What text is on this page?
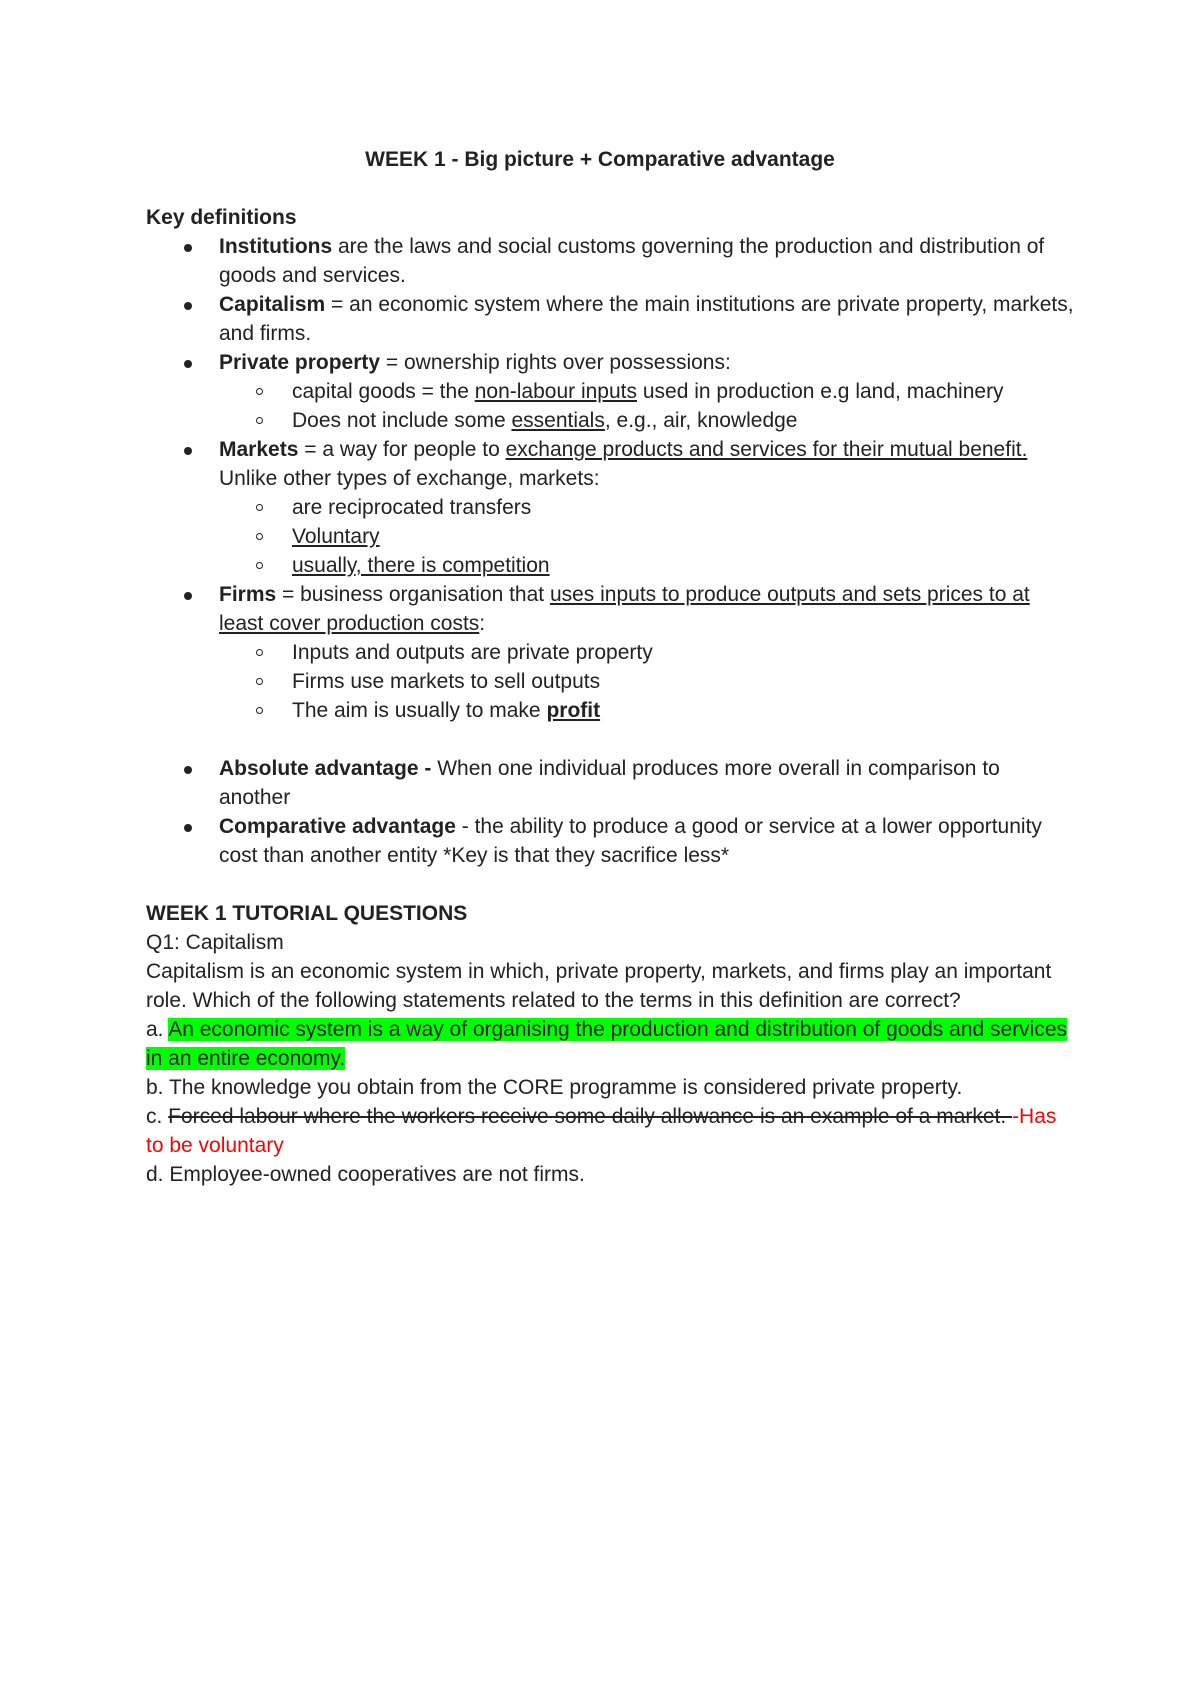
WEEK 1 - Big picture + Comparative advantage

Key definitions

Institutions are the laws and social customs governing the production and distribution of goods and services.
Capitalism = an economic system where the main institutions are private property, markets, and firms.
Private property = ownership rights over possessions:
capital goods = the non-labour inputs used in production e.g land, machinery
Does not include some essentials, e.g., air, knowledge
Markets = a way for people to exchange products and services for their mutual benefit. Unlike other types of exchange, markets:
are reciprocated transfers
Voluntary
usually, there is competition
Firms = business organisation that uses inputs to produce outputs and sets prices to at least cover production costs:
Inputs and outputs are private property
Firms use markets to sell outputs
The aim is usually to make profit
Absolute advantage - When one individual produces more overall in comparison to another
Comparative advantage - the ability to produce a good or service at a lower opportunity cost than another entity *Key is that they sacrifice less*

WEEK 1 TUTORIAL QUESTIONS

Q1: Capitalism

Capitalism is an economic system in which, private property, markets, and firms play an important role. Which of the following statements related to the terms in this definition are correct?

a. An economic system is a way of organising the production and distribution of goods and services in an entire economy.

b. The knowledge you obtain from the CORE programme is considered private property.

c. Forced labour where the workers receive some daily allowance is an example of a market. -Has to be voluntary

d. Employee-owned cooperatives are not firms.
